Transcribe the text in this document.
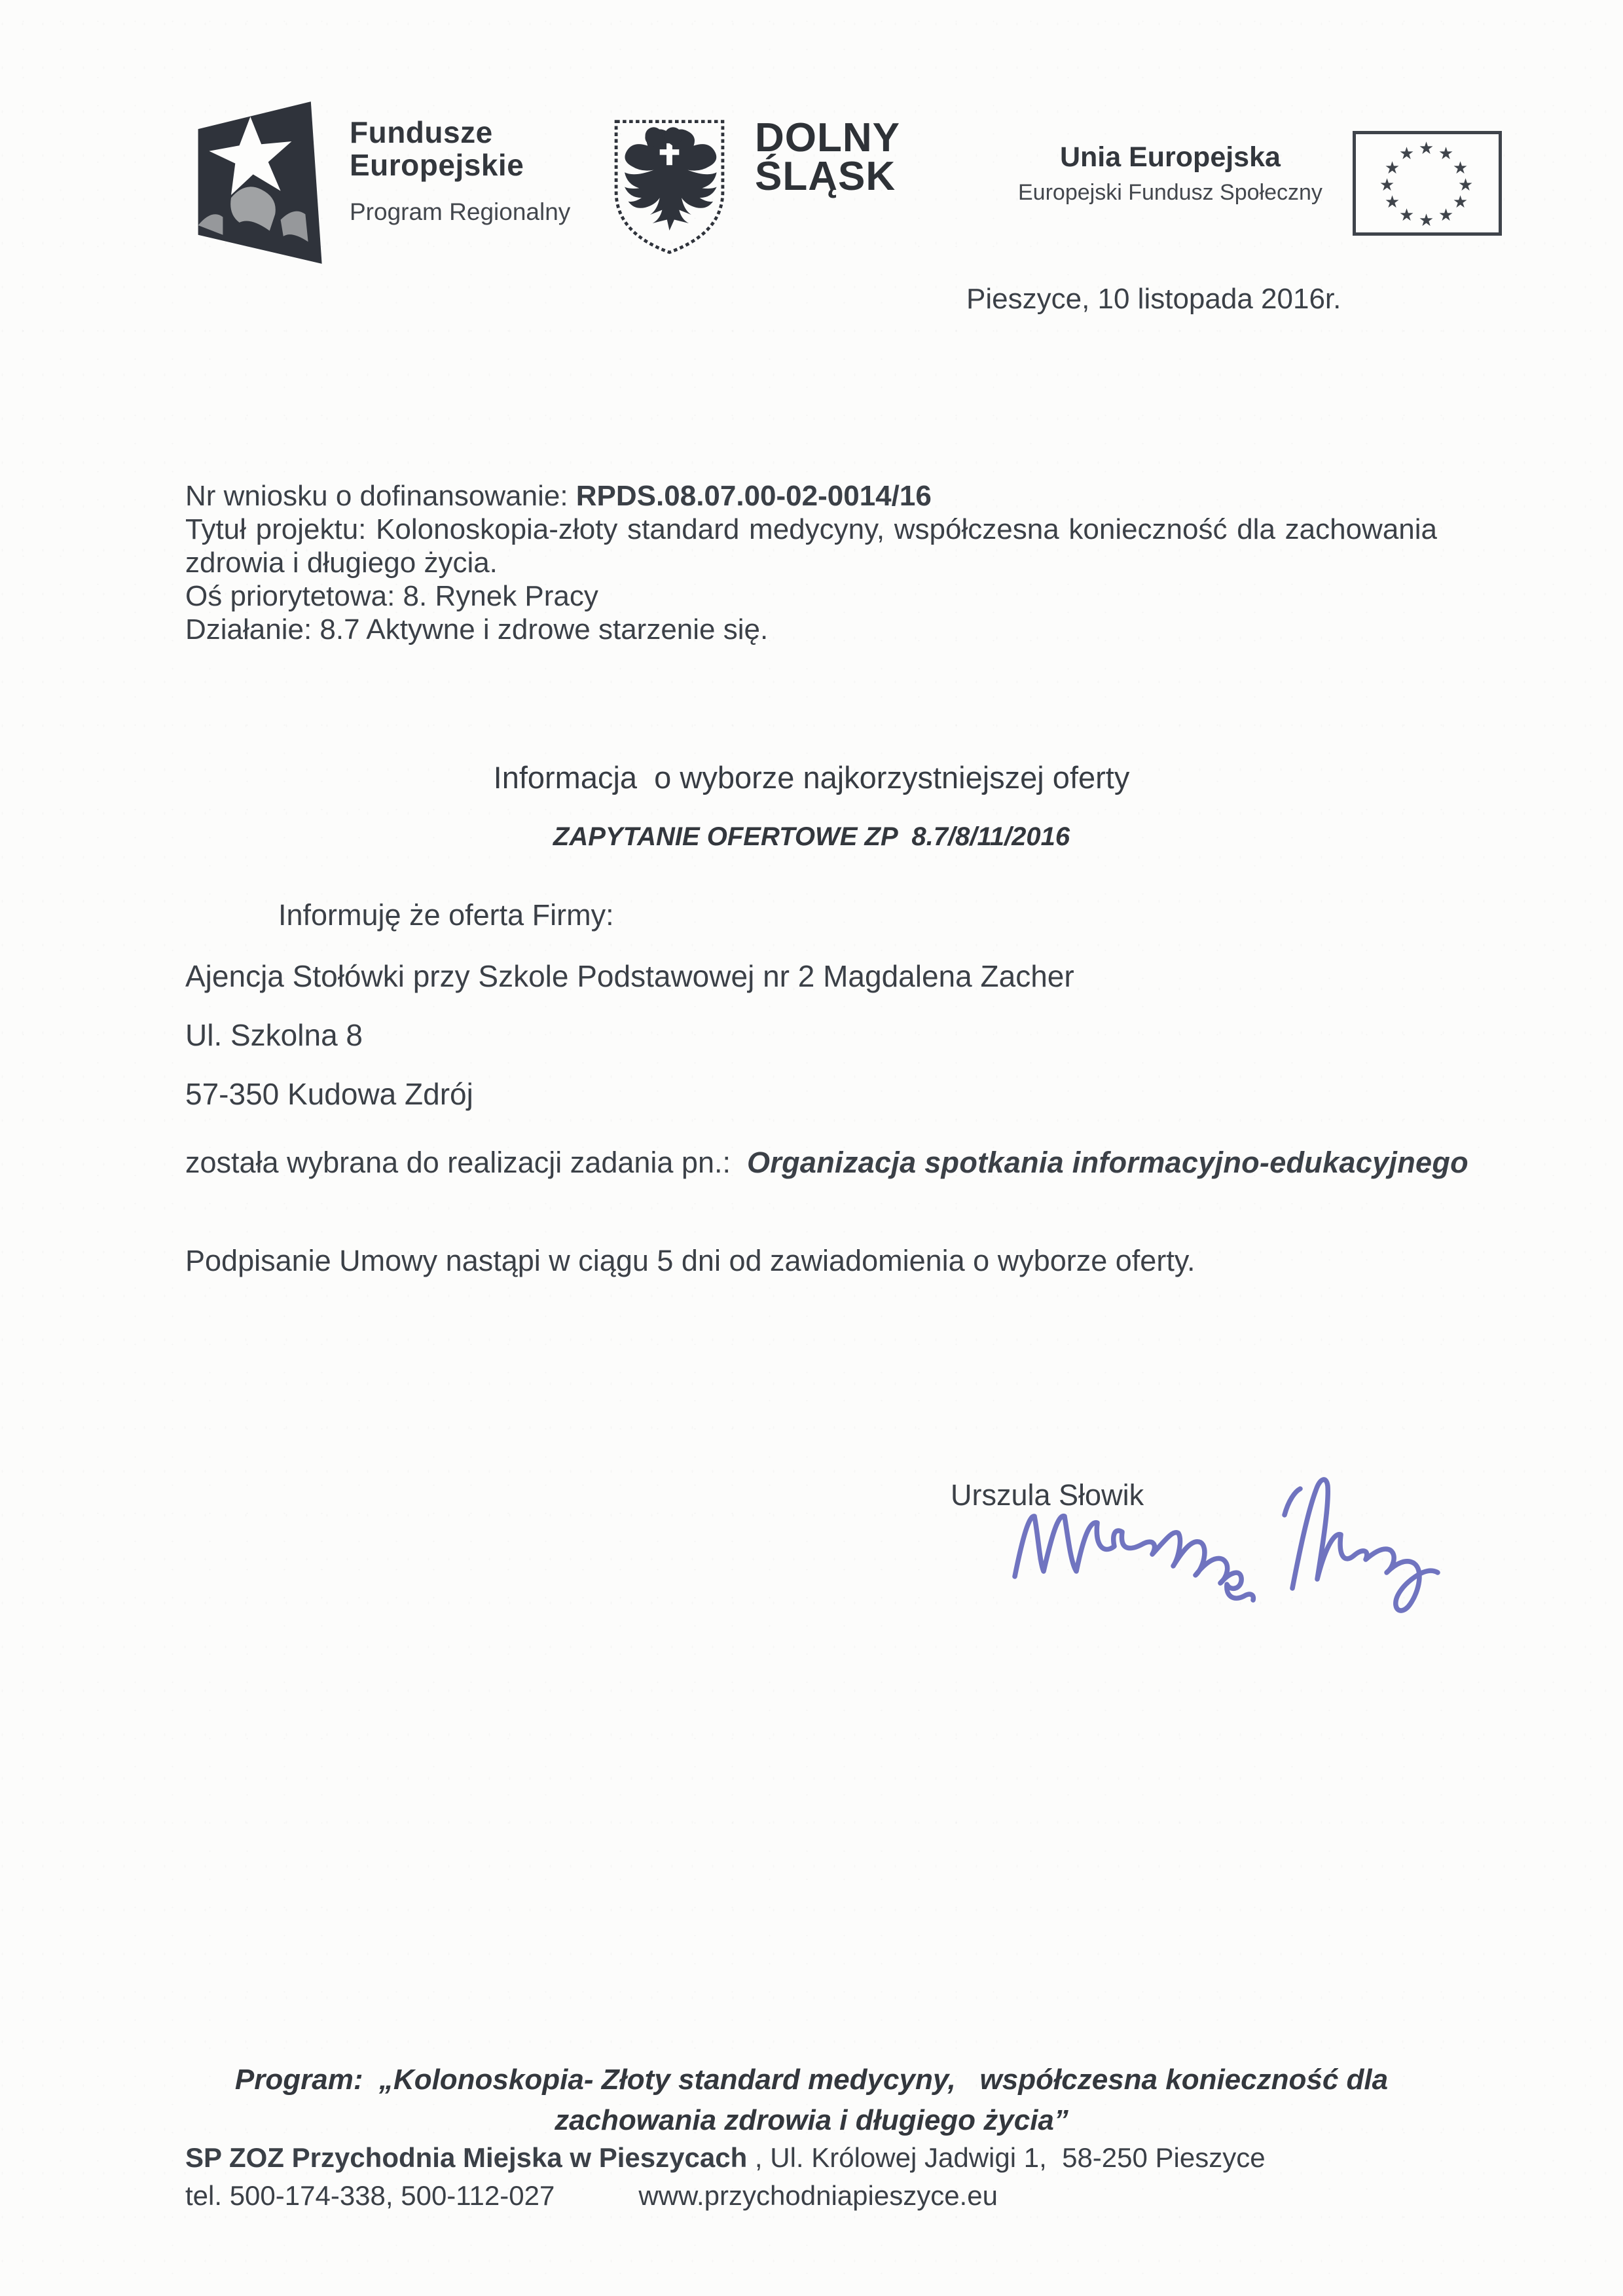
Fundusze
Europejskie
Program Regionalny
DOLNY
ŚLĄSK	Unia Europejska
Europejski Fundusz Społeczny
★ ★
★
★
★
★
★
★
★
★
★
★
Pieszyce, 10 listopada 2016r.
Nr wniosku o dofinansowanie: RPDS.08.07.00-02-0014/16
Tytuł projektu: Kolonoskopia-złoty standard medycyny, współczesna konieczność dla zachowania zdrowia i długiego życia.
Oś priorytetowa: 8. Rynek Pracy
Działanie: 8.7 Aktywne i zdrowe starzenie się.
Informacja  o wyborze najkorzystniejszej oferty
ZAPYTANIE OFERTOWE ZP  8.7/8/11/2016
Informuję że oferta Firmy:
Ajencja Stołówki przy Szkole Podstawowej nr 2 Magdalena Zacher
Ul. Szkolna 8
57-350 Kudowa Zdrój
została wybrana do realizacji zadania pn.:  Organizacja spotkania informacyjno-edukacyjnego
Podpisanie Umowy nastąpi w ciągu 5 dni od zawiadomienia o wyborze oferty.
Urszula Słowik
Program:  „Kolonoskopia- Złoty standard medycyny,   współczesna konieczność dla
zachowania zdrowia i długiego życia”
SP ZOZ Przychodnia Miejska w Pieszycach , Ul. Królowej Jadwigi 1,  58-250 Pieszyce
tel. 500-174-338, 500-112-027	www.przychodniapieszyce.eu
